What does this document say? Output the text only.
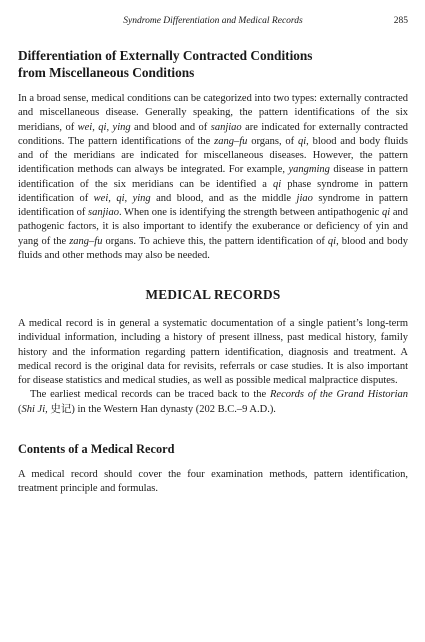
Syndrome Differentiation and Medical Records	285
Differentiation of Externally Contracted Conditions
from Miscellaneous Conditions

In a broad sense, medical conditions can be categorized into two types: externally contracted and miscellaneous disease. Generally speaking, the pattern identifications of the six meridians, of wei, qi, ying and blood and of sanjiao are indicated for externally contracted conditions. The pattern identifications of the zang–fu organs, of qi, blood and body fluids and of the meridians are indicated for miscellaneous diseases. However, the pattern identification methods can always be integrated. For example, yangming disease in pattern identification of the six meridians can be identified a qi phase syndrome in pattern identification of wei, qi, ying and blood, and as the middle jiao syndrome in pattern identification of sanjiao. When one is identifying the strength between antipathogenic qi and pathogenic factors, it is also important to identify the exuberance or deficiency of yin and yang of the zang–fu organs. To achieve this, the pattern identification of qi, blood and body fluids and other methods may also be needed.

MEDICAL RECORDS

A medical record is in general a systematic documentation of a single patient’s long-term individual information, including a history of present illness, past medical history, family history and the information regarding pattern identification, diagnosis and treatment. A medical record is the original data for revisits, referrals or case studies. It is also important for disease statistics and medical studies, as well as possible medical malpractice disputes.

The earliest medical records can be traced back to the Records of the Grand Historian (Shi Ji, 史记) in the Western Han dynasty (202 B.C.–9 A.D.).

Contents of a Medical Record

A medical record should cover the four examination methods, pattern identification, treatment principle and formulas.
